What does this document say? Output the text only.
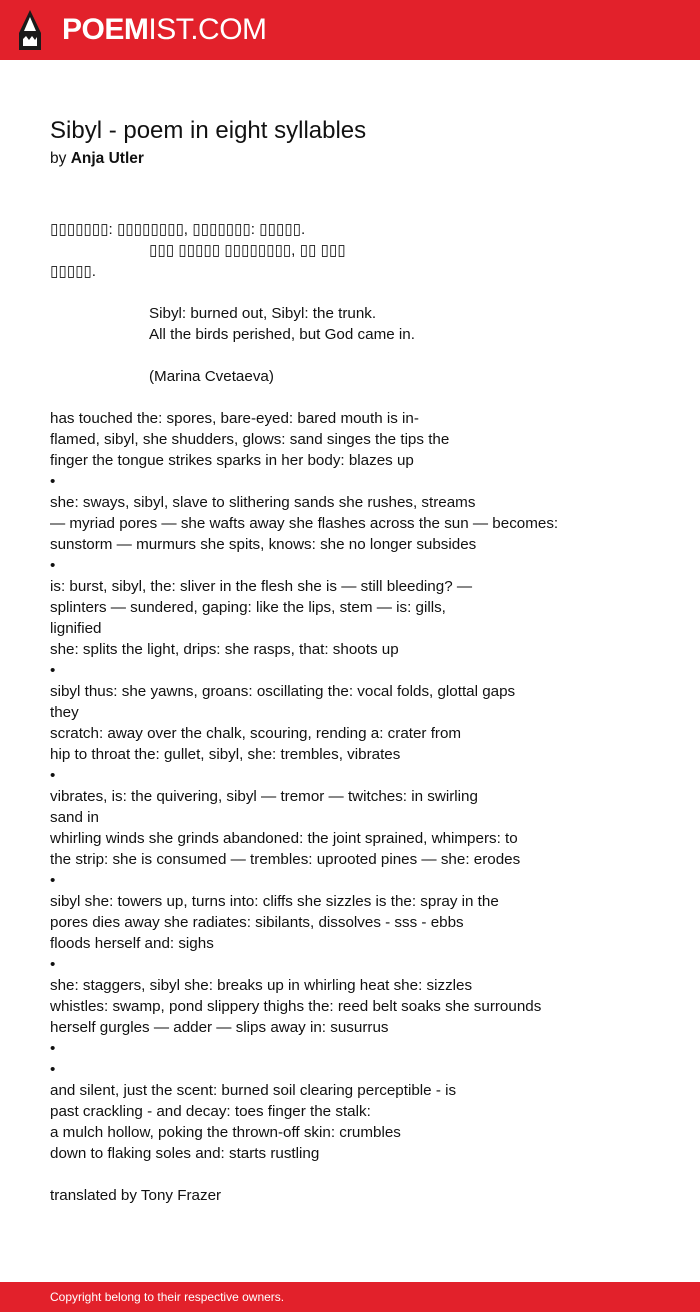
POEMIST.COM
Sibyl - poem in eight syllables
by Anja Utler
▯▯▯▯▯▯▯: ▯▯▯▯▯▯▯▯, ▯▯▯▯▯▯▯: ▯▯▯▯▯.
▯▯▯ ▯▯▯▯▯ ▯▯▯▯▯▯▯▯, ▯▯ ▯▯▯
▯▯▯▯▯.
Sibyl: burned out, Sibyl: the trunk.
All the birds perished, but God came in.
(Marina Cvetaeva)
has touched the: spores, bare-eyed: bared mouth is in-
flamed, sibyl, she shudders, glows: sand singes the tips the
finger the tongue strikes sparks in her body: blazes up
•
she: sways, sibyl, slave to slithering sands she rushes, streams
— myriad pores — she wafts away she flashes across the sun — becomes:
sunstorm — murmurs she spits, knows: she no longer subsides
•
is: burst, sibyl, the: sliver in the flesh she is — still bleeding? —
splinters — sundered, gaping: like the lips, stem — is: gills,
lignified
she: splits the light, drips: she rasps, that: shoots up
•
sibyl thus: she yawns, groans: oscillating the: vocal folds, glottal gaps
they
scratch: away over the chalk, scouring, rending a: crater from
hip to throat the: gullet, sibyl, she: trembles, vibrates
•
vibrates, is: the quivering, sibyl — tremor — twitches: in swirling
sand in
whirling winds she grinds abandoned: the joint sprained, whimpers: to
the strip: she is consumed — trembles: uprooted pines — she: erodes
•
sibyl she: towers up, turns into: cliffs she sizzles is the: spray in the
pores dies away she radiates: sibilants, dissolves - sss - ebbs
floods herself and: sighs
•
she: staggers, sibyl she: breaks up in whirling heat she: sizzles
whistles: swamp, pond slippery thighs the: reed belt soaks she surrounds
herself gurgles — adder — slips away in: susurrus
•
•
and silent, just the scent: burned soil clearing perceptible - is
past crackling - and decay: toes finger the stalk:
a mulch hollow, poking the thrown-off skin: crumbles
down to flaking soles and: starts rustling
translated by Tony Frazer
Copyright belong to their respective owners.
